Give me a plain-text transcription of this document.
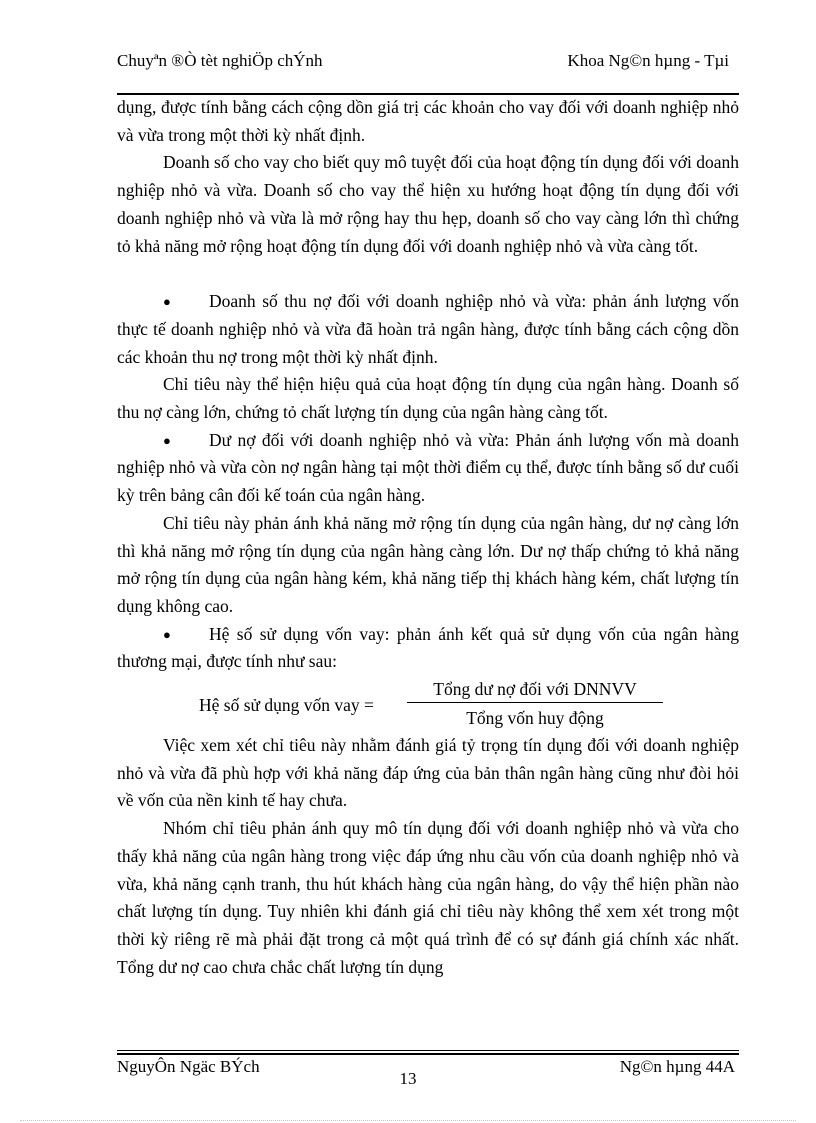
Chuyªn ®Ò tèt nghiÖp chÝnh	Khoa Ng©n hµng - Tµi

dụng, được tính bằng cách cộng dồn giá trị các khoản cho vay đối với doanh nghiệp nhỏ và vừa trong một thời kỳ nhất định.

Doanh số cho vay cho biết quy mô tuyệt đối của hoạt động tín dụng đối với doanh nghiệp nhỏ và vừa. Doanh số cho vay thể hiện xu hướng hoạt động tín dụng đối với doanh nghiệp nhỏ và vừa là mở rộng hay thu hẹp, doanh số cho vay càng lớn thì chứng tỏ khả năng mở rộng hoạt động tín dụng đối với doanh nghiệp nhỏ và vừa càng tốt.

● Doanh số thu nợ đối với doanh nghiệp nhỏ và vừa: phản ánh lượng vốn thực tế doanh nghiệp nhỏ và vừa đã hoàn trả ngân hàng, được tính bằng cách cộng dồn các khoản thu nợ trong một thời kỳ nhất định.

Chỉ tiêu này thể hiện hiệu quả của hoạt động tín dụng của ngân hàng. Doanh số thu nợ càng lớn, chứng tỏ chất lượng tín dụng của ngân hàng càng tốt.

● Dư nợ đối với doanh nghiệp nhỏ và vừa: Phản ánh lượng vốn mà doanh nghiệp nhỏ và vừa còn nợ ngân hàng tại một thời điểm cụ thể, được tính bằng số dư cuối kỳ trên bảng cân đối kế toán của ngân hàng.

Chỉ tiêu này phản ánh khả năng mở rộng tín dụng của ngân hàng, dư nợ càng lớn thì khả năng mở rộng tín dụng của ngân hàng càng lớn. Dư nợ thấp chứng tỏ khả năng mở rộng tín dụng của ngân hàng kém, khả năng tiếp thị khách hàng kém, chất lượng tín dụng không cao.

● Hệ số sử dụng vốn vay: phản ánh kết quả sử dụng vốn của ngân hàng thương mại, được tính như sau:

Hệ số sử dụng vốn vay =
Tổng dư nợ đối với DNNVV
Tổng vốn huy động

Việc xem xét chỉ tiêu này nhằm đánh giá tỷ trọng tín dụng đối với doanh nghiệp nhỏ và vừa đã phù hợp với khả năng đáp ứng của bản thân ngân hàng cũng như đòi hỏi về vốn của nền kinh tế hay chưa.

Nhóm chỉ tiêu phản ánh quy mô tín dụng đối với doanh nghiệp nhỏ và vừa cho thấy khả năng của ngân hàng trong việc đáp ứng nhu cầu vốn của doanh nghiệp nhỏ và vừa, khả năng cạnh tranh, thu hút khách hàng của ngân hàng, do vậy thể hiện phần nào chất lượng tín dụng. Tuy nhiên khi đánh giá chỉ tiêu này không thể xem xét trong một thời kỳ riêng rẽ mà phải đặt trong cả một quá trình để có sự đánh giá chính xác nhất. Tổng dư nợ cao chưa chắc chất lượng tín dụng

NguyÔn Ngäc BÝch	Ng©n hµng 44A
13
